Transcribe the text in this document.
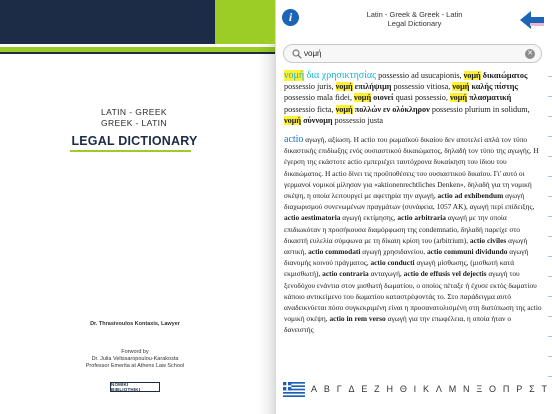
LATIN - GREEK
GREEK - LATIN
LEGAL DICTIONARY
Dr. Thrasivoulos Kontaxis, Lawyer
Forword by
Dr. Julia Velissaropoulou-Karakosta
Professor Emerita at Athens Law School
NOMIKI BIBLIOTHIKI
i	Latin - Greek & Greek - Latin
Legal Dictionary
νομή
✕
νομή δια χρησικτησίας possessio ad usucapionis, νομή δικαιώματος possessio juris, νομή επιλήψιμη possessio vitiosa, νομή καλής πίστης possessio mala fidei, νομή οιονεί quasi possessio, νομή πλασματική possessio ficta, νομή πολλών εν ολόκληρον possessio plurium in solidum, νομή σύννομη possessio justa
actio αγωγή, αξίωση. Η actio του ρωμαϊκού δικαίου δεν αποτελεί απλά τον τύπο δικαστικής επιδίωξης ενός ουσιαστικού δικαιώματος, δηλαδή τον τύπο της αγωγής. Η έγερση της εκάστοτε actio εμπεριέχει ταυτόχρονα δυκαίκηση του ίδιου του δικαιώματος. Η actio δίνει τις προϋποθέσεις του ουσιαστικού δικαίου. Γι' αυτό οι γερμανοί νομικοί μίλησαν για «aktionenrechtliches Denken», δηλαδή για τη νομική σκέψη, η οποία λειτουργεί με αφετηρία την αγωγή, actio ad exhibendum αγωγή διαχωρισμού συνενωμένων πραγμάτων (συνάφεια, 1057 ΑΚ), αγωγή περί επίδειξης, actio aestimatoria αγωγή εκτίμησης, actio arbitraria αγωγή με την οποία επιδιωκόταν η προσήκουσα διαμόρφωση της condemnatio, δηλαδή παρείχε στο δικαστή ευλελία σύμφωνα με τη δίκαιη κρίση του (arbitrium), actio civiles αγωγή αστική, actio commodati αγωγή χρησιδανείου, actio communi dividundo αγωγή διανομής κοινού πράγματος, actio conducti αγωγή μίσθωσης, (μισθωτή κατά εκμισθωτή), actio contraria ανταγωγή, actio de effusis vel dejectis αγωγή του ξενοδόχου ενάντια στον μισθωτή δωματίου, ο οποίος πέταξε ή έχυσε εκτός δωματίου κάποιο αντικείμενο του δωματίου καταστρέφοντάς το. Στο παράδειγμα αυτό αναδεικνύεται πόσο συγκεκριμένη είναι η προσανατολισμένη στη διατύπωση της actio νομική σκέψη, actio in rem verso αγωγή για την επωφέλεια, η οποία ήταν ο δανειστής
Α Β Γ Δ Ε Ζ Η Θ Ι Κ Λ Μ Ν Ξ Ο Π Ρ Σ Τ
